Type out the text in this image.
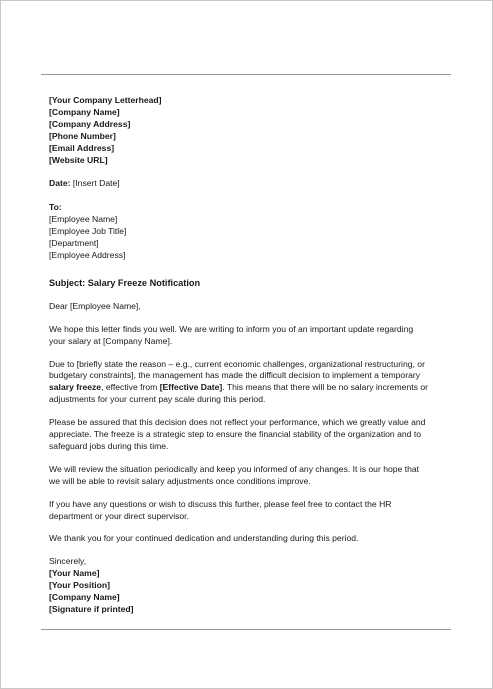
[Your Company Letterhead]
[Company Name]
[Company Address]
[Phone Number]
[Email Address]
[Website URL]
Date: [Insert Date]
To:
[Employee Name]
[Employee Job Title]
[Department]
[Employee Address]
Subject: Salary Freeze Notification
Dear [Employee Name],

We hope this letter finds you well. We are writing to inform you of an important update regarding
your salary at [Company Name].

Due to [briefly state the reason – e.g., current economic challenges, organizational restructuring, or
budgetary constraints], the management has made the difficult decision to implement a temporary
salary freeze, effective from [Effective Date]. This means that there will be no salary increments or
adjustments for your current pay scale during this period.

Please be assured that this decision does not reflect your performance, which we greatly value and
appreciate. The freeze is a strategic step to ensure the financial stability of the organization and to
safeguard jobs during this time.

We will review the situation periodically and keep you informed of any changes. It is our hope that
we will be able to revisit salary adjustments once conditions improve.

If you have any questions or wish to discuss this further, please feel free to contact the HR
department or your direct supervisor.

We thank you for your continued dedication and understanding during this period.

Sincerely,
[Your Name]
[Your Position]
[Company Name]
[Signature if printed]
